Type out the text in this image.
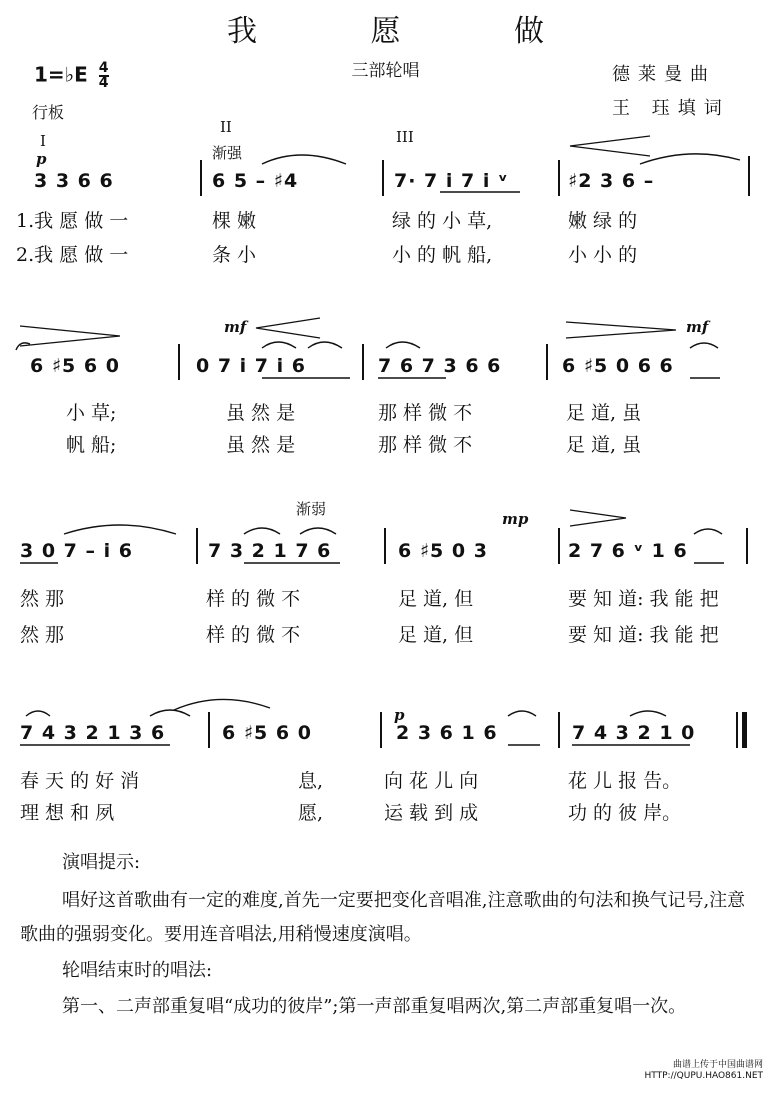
我 愿 做
三部轮唱
1=♭E $\frac{4}{4}$
行板
德莱曼曲
王 珏填词
I
II
III
p	渐强
mf	mf
渐弱
mp
p
3 3 6 6	6 5 – ♯4	7· 7 i 7 i ᵛ	♯2 3 6 –
1.我 愿 做 一	棵 嫩	绿 的 小 草,	嫩 绿 的
2.我 愿 做 一	条 小	小 的 帆 船,	小 小 的
6 ♯5 6 0	0 7 i 7 i 6	7 6 7 3 6 6	6 ♯5 0 6 6
小 草;	虽 然 是	那 样 微 不	足 道, 虽
帆 船;	虽 然 是	那 样 微 不	足 道, 虽
3 0 7 – i 6	7 3 2 1 7 6	6 ♯5 0 3	2 7 6 ᵛ 1 6
然 那	样 的 微 不	足 道, 但	要 知 道: 我 能 把
然 那	样 的 微 不	足 道, 但	要 知 道: 我 能 把
7 4 3 2 1 3 6	6 ♯5 6 0	2 3 6 1 6	7 4 3 2 1 0
春 天 的 好 消	息,	向 花 儿 向	花 儿 报 告。
理 想 和 夙	愿,	运 载 到 成	功 的 彼 岸。
演唱提示:
唱好这首歌曲有一定的难度,首先一定要把变化音唱准,注意歌曲的句法和换气记号,注意歌曲的强弱变化。要用连音唱法,用稍慢速度演唱。
轮唱结束时的唱法:
第一、二声部重复唱“成功的彼岸”;第一声部重复唱两次,第二声部重复唱一次。
曲谱上传于中国曲谱网
HTTP://QUPU.HAO861.NET
